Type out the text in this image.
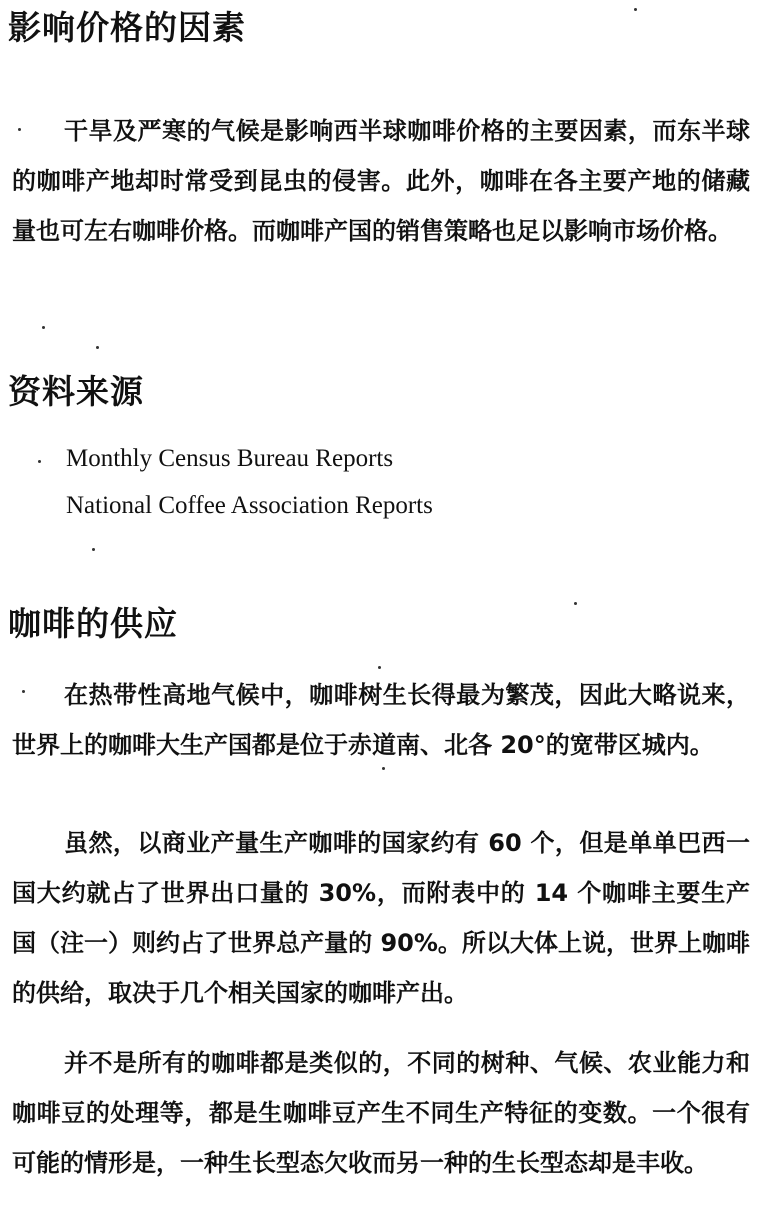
影响价格的因素

干旱及严寒的气候是影响西半球咖啡价格的主要因素，而东半球的咖啡产地却时常受到昆虫的侵害。此外，咖啡在各主要产地的储藏量也可左右咖啡价格。而咖啡产国的销售策略也足以影响市场价格。

资料来源

Monthly Census Bureau Reports

National Coffee Association Reports

咖啡的供应

在热带性高地气候中，咖啡树生长得最为繁茂，因此大略说来，世界上的咖啡大生产国都是位于赤道南、北各 20°的宽带区城内。

虽然，以商业产量生产咖啡的国家约有 60 个，但是单单巴西一国大约就占了世界出口量的 30%，而附表中的 14 个咖啡主要生产国（注一）则约占了世界总产量的 90%。所以大体上说，世界上咖啡的供给，取决于几个相关国家的咖啡产出。

并不是所有的咖啡都是类似的，不同的树种、气候、农业能力和咖啡豆的处理等，都是生咖啡豆产生不同生产特征的变数。一个很有可能的情形是，一种生长型态欠收而另一种的生长型态却是丰收。
